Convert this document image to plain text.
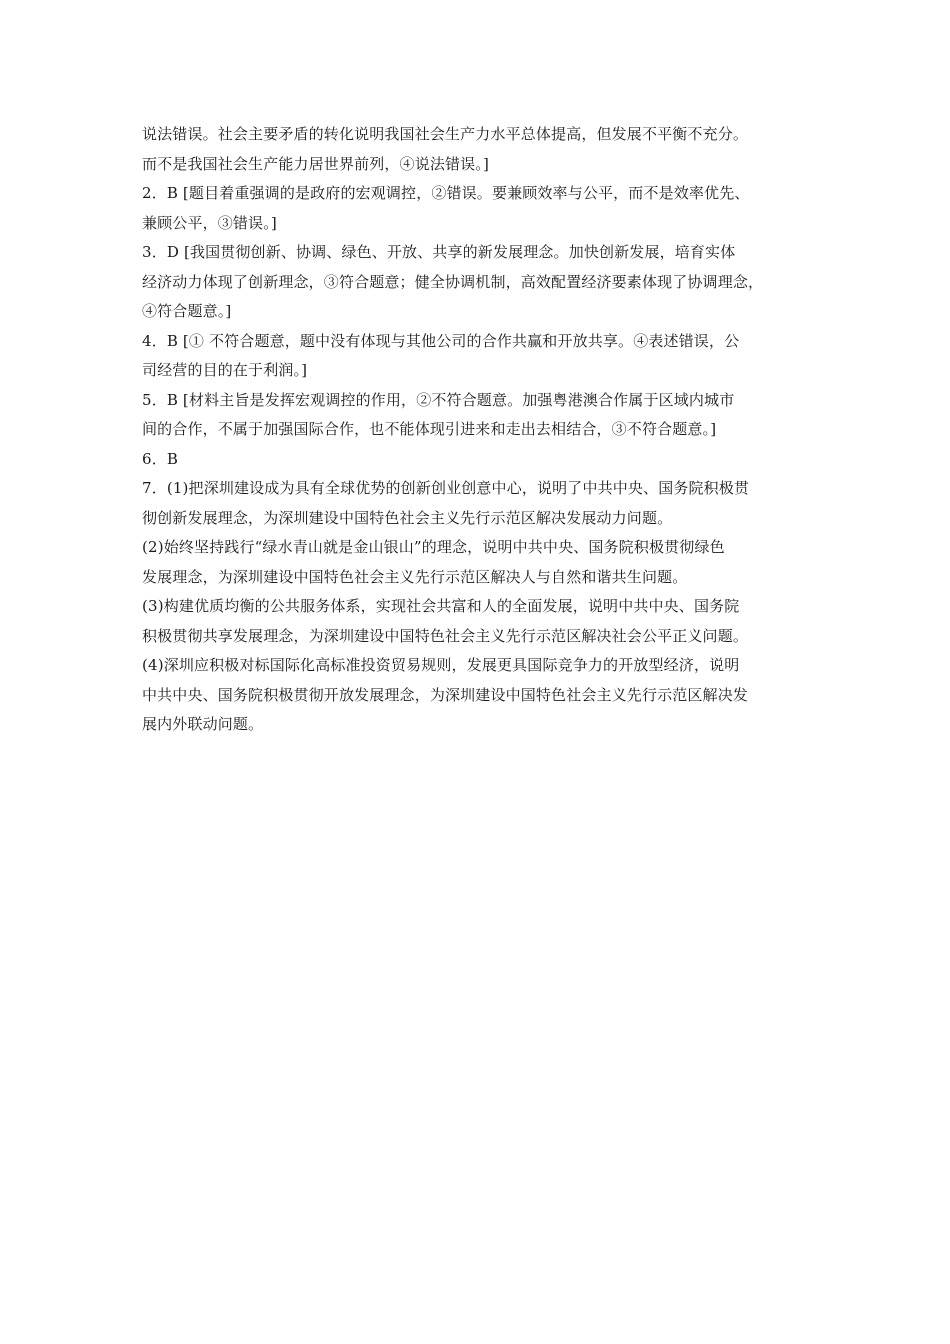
说法错误。社会主要矛盾的转化说明我国社会生产力水平总体提高，但发展不平衡不充分。
而不是我国社会生产能力居世界前列，④说法错误。]
2．B [题目着重强调的是政府的宏观调控，②错误。要兼顾效率与公平，而不是效率优先、
兼顾公平，③错误。]
3．D [我国贯彻创新、协调、绿色、开放、共享的新发展理念。加快创新发展，培育实体
经济动力体现了创新理念，③符合题意；健全协调机制，高效配置经济要素体现了协调理念，
④符合题意。]
4．B [① 不符合题意，题中没有体现与其他公司的合作共赢和开放共享。④表述错误，公
司经营的目的在于利润。]
5．B [材料主旨是发挥宏观调控的作用，②不符合题意。加强粤港澳合作属于区域内城市
间的合作，不属于加强国际合作，也不能体现引进来和走出去相结合，③不符合题意。]
6．B
7．(1)把深圳建设成为具有全球优势的创新创业创意中心，说明了中共中央、国务院积极贯
彻创新发展理念，为深圳建设中国特色社会主义先行示范区解决发展动力问题。
(2)始终坚持践行“绿水青山就是金山银山”的理念，说明中共中央、国务院积极贯彻绿色
发展理念，为深圳建设中国特色社会主义先行示范区解决人与自然和谐共生问题。
(3)构建优质均衡的公共服务体系，实现社会共富和人的全面发展，说明中共中央、国务院
积极贯彻共享发展理念，为深圳建设中国特色社会主义先行示范区解决社会公平正义问题。
(4)深圳应积极对标国际化高标准投资贸易规则，发展更具国际竞争力的开放型经济，说明
中共中央、国务院积极贯彻开放发展理念，为深圳建设中国特色社会主义先行示范区解决发
展内外联动问题。
